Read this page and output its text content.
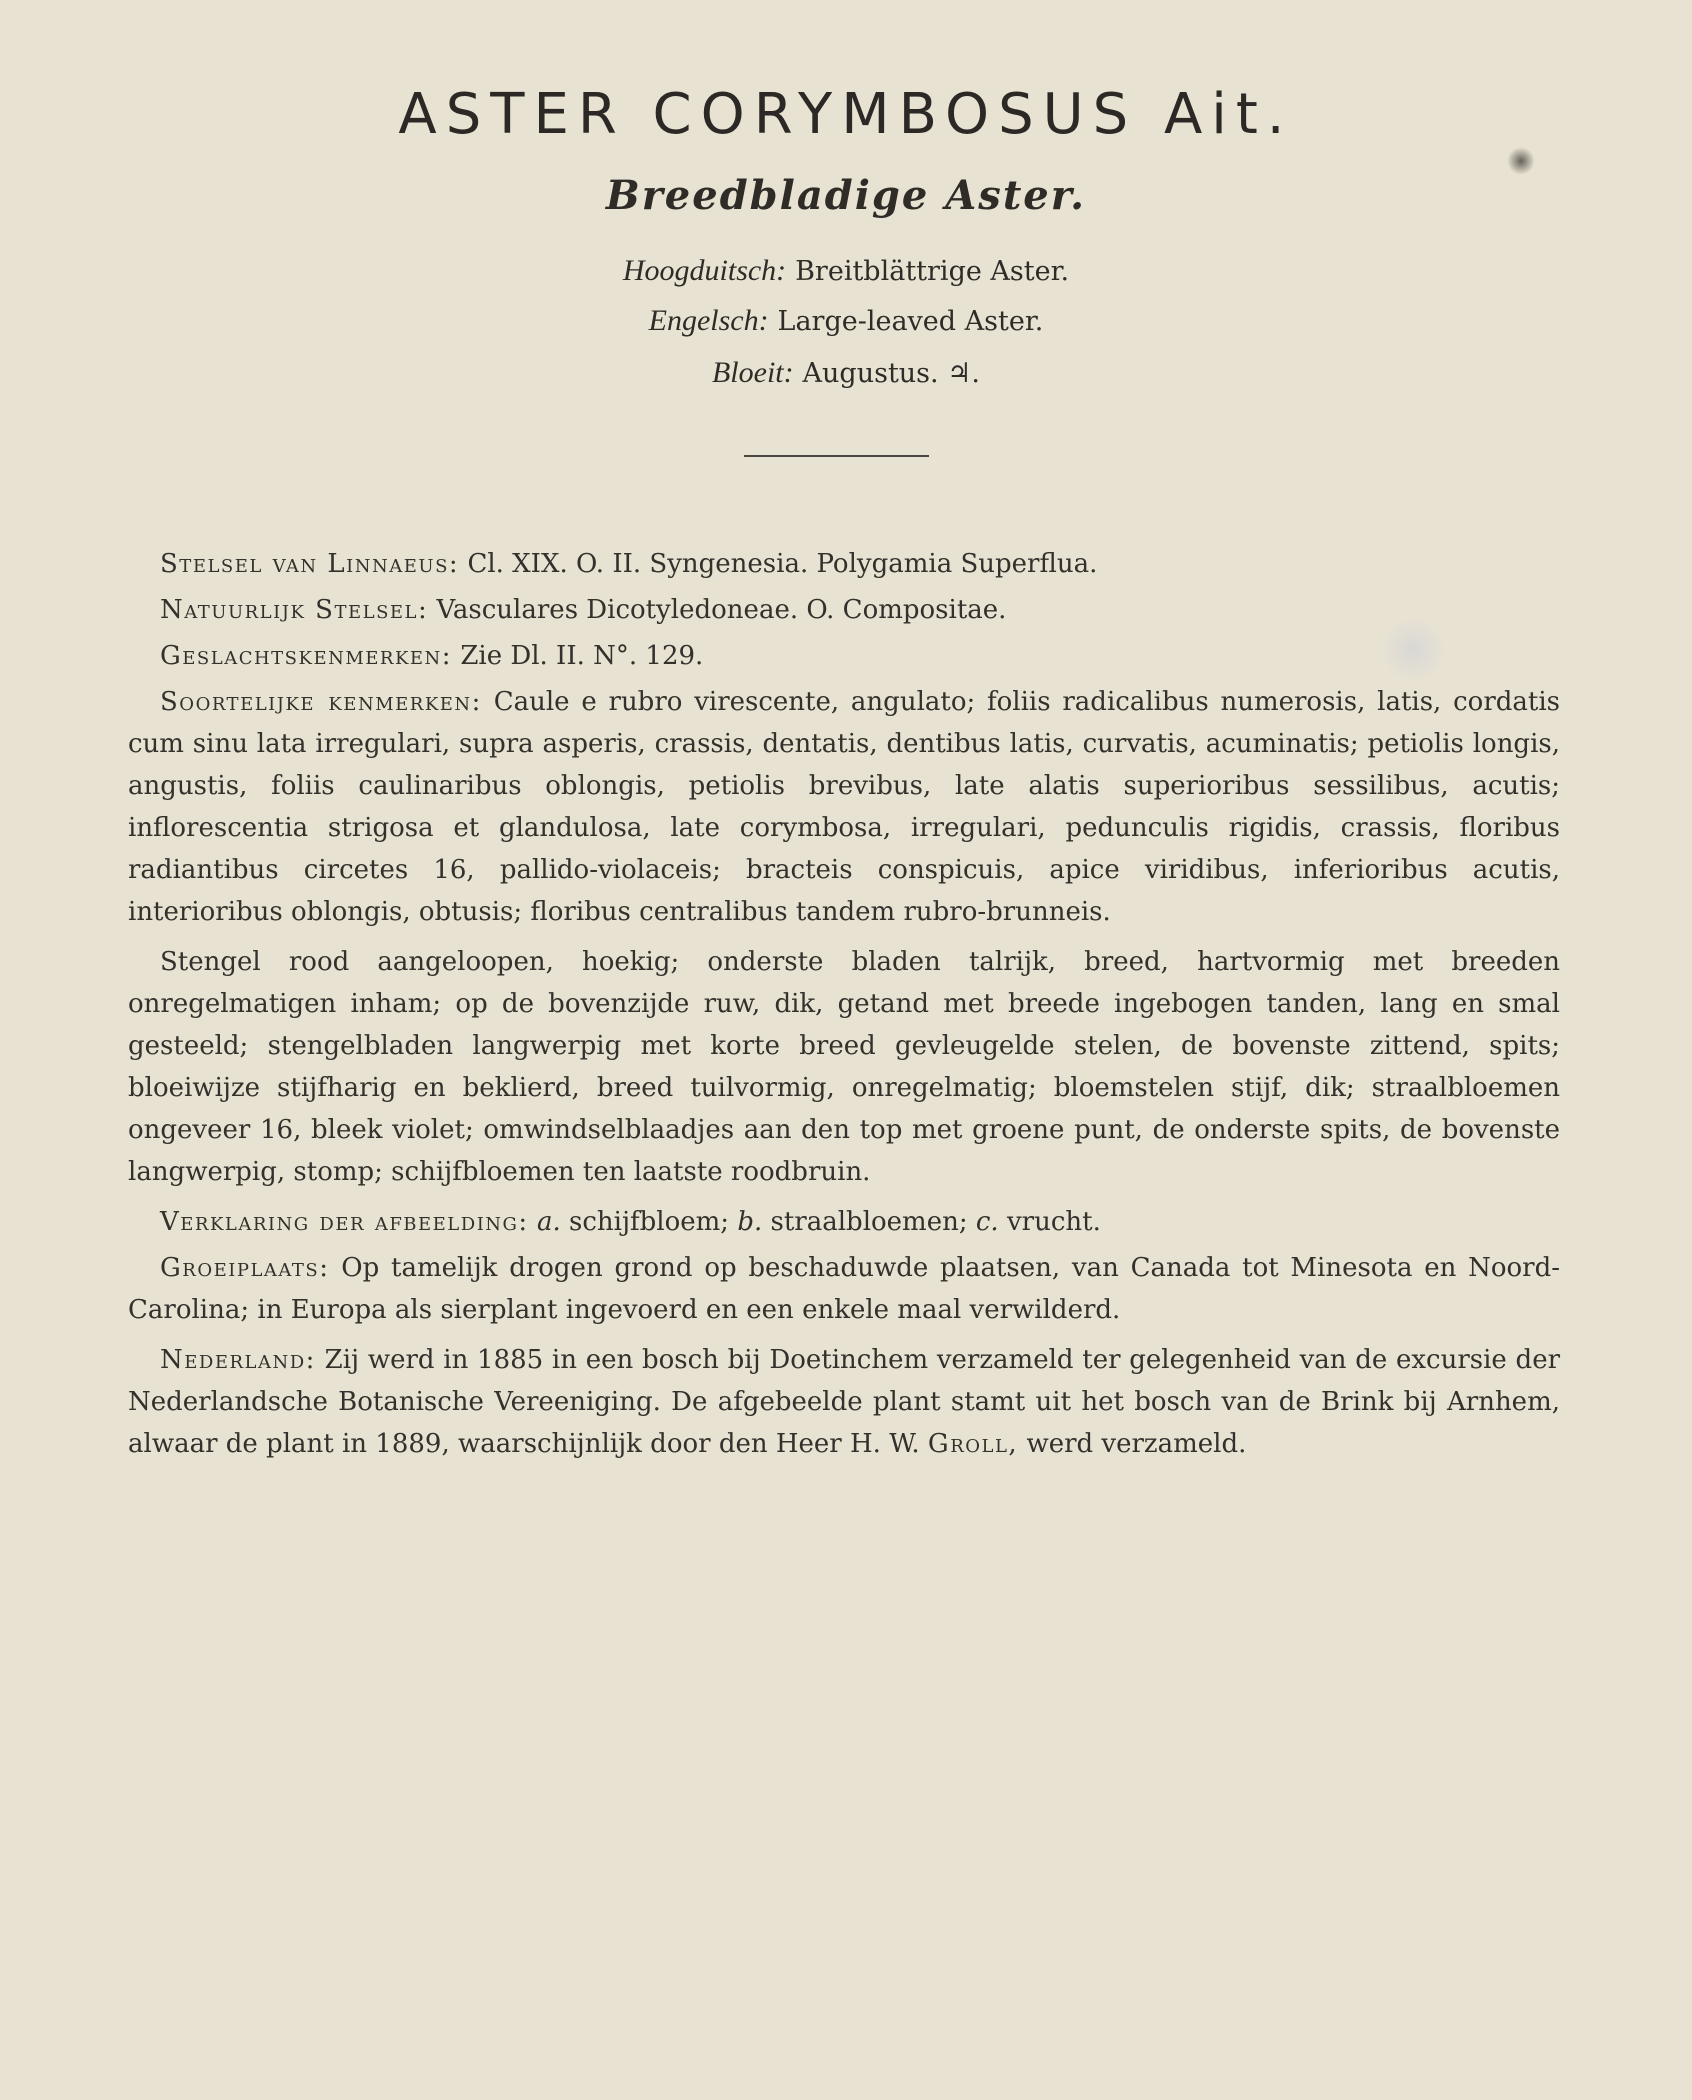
ASTER CORYMBOSUS Ait.
Breedbladige Aster.
Hoogduitsch: Breitblättrige Aster.
Engelsch: Large-leaved Aster.
Bloeit: Augustus. ♃.

Stelsel van Linnaeus: Cl. XIX. O. II. Syngenesia. Polygamia Superflua.

Natuurlijk Stelsel: Vasculares Dicotyledoneae. O. Compositae.

Geslachtskenmerken: Zie Dl. II. N°. 129.

Soortelijke kenmerken: Caule e rubro virescente, angulato; foliis radicalibus numerosis, latis, cordatis cum sinu lata irregulari, supra asperis, crassis, dentatis, dentibus latis, curvatis, acuminatis; petiolis longis, angustis, foliis caulinaribus oblongis, petiolis brevibus, late alatis superioribus sessilibus, acutis; inflorescentia strigosa et glandulosa, late corymbosa, irregulari, pedunculis rigidis, crassis, floribus radiantibus circetes 16, pallido-violaceis; bracteis conspicuis, apice viridibus, inferioribus acutis, interioribus oblongis, obtusis; floribus centralibus tandem rubro-brunneis.

Stengel rood aangeloopen, hoekig; onderste bladen talrijk, breed, hartvormig met breeden onregelmatigen inham; op de bovenzijde ruw, dik, getand met breede ingebogen tanden, lang en smal gesteeld; stengelbladen langwerpig met korte breed gevleugelde stelen, de bovenste zittend, spits; bloeiwijze stijfharig en beklierd, breed tuilvormig, onregelmatig; bloemstelen stijf, dik; straalbloemen ongeveer 16, bleek violet; omwindselblaadjes aan den top met groene punt, de onderste spits, de bovenste langwerpig, stomp; schijfbloemen ten laatste roodbruin.

Verklaring der afbeelding: a. schijfbloem; b. straalbloemen; c. vrucht.

Groeiplaats: Op tamelijk drogen grond op beschaduwde plaatsen, van Canada tot Minesota en Noord-Carolina; in Europa als sierplant ingevoerd en een enkele maal verwilderd.

Nederland: Zij werd in 1885 in een bosch bij Doetinchem verzameld ter gelegenheid van de excursie der Nederlandsche Botanische Vereeniging. De afgebeelde plant stamt uit het bosch van de Brink bij Arnhem, alwaar de plant in 1889, waarschijnlijk door den Heer H. W. Groll, werd verzameld.
